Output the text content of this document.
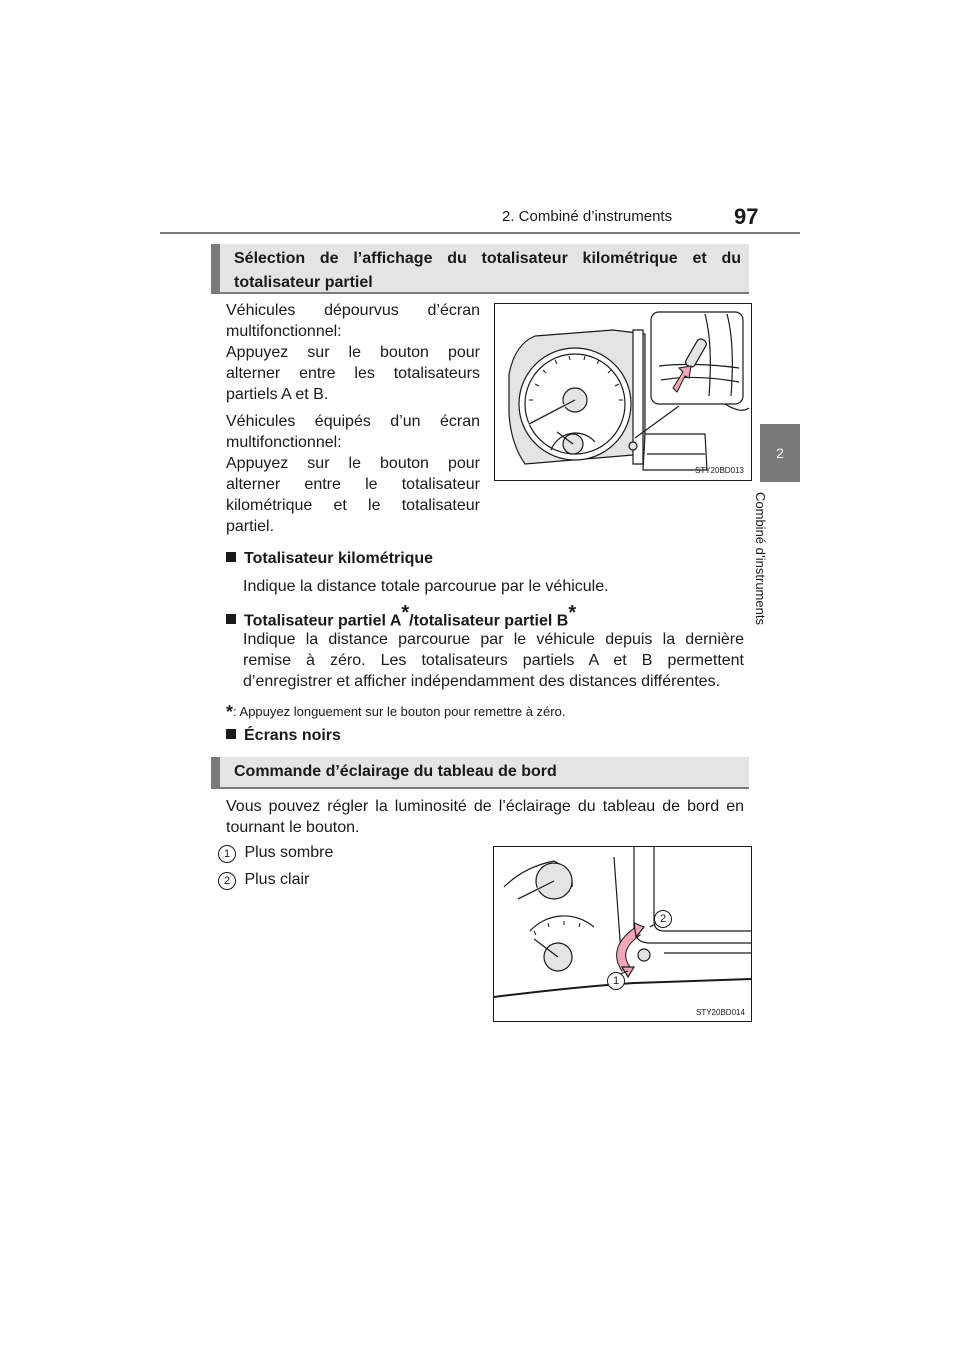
2. Combiné d’instruments	97
2
Combiné d’instruments
Sélection de l’affichage du totalisateur kilométrique et du
totalisateur partiel
Véhicules dépourvus d’écran
multifonctionnel:
Appuyez sur le bouton pour
alterner entre les totalisateurs
partiels A et B.
Véhicules équipés d’un écran
multifonctionnel:
Appuyez sur le bouton pour
alterner entre le totalisateur
kilométrique et le totalisateur
partiel.
STY20BD013
Totalisateur kilométrique
Indique la distance totale parcourue par le véhicule.
Totalisateur partiel A*/totalisateur partiel B*
Indique la distance parcourue par le véhicule depuis la dernière
remise à zéro. Les totalisateurs partiels A et B permettent
d’enregistrer et afficher indépendamment des distances différentes.
*: Appuyez longuement sur le bouton pour remettre à zéro.
Écrans noirs
Commande d’éclairage du tableau de bord
Vous pouvez régler la luminosité de l’éclairage du tableau de bord en
tournant le bouton.
1 Plus sombre
2 Plus clair
1
2
STY20BD014
